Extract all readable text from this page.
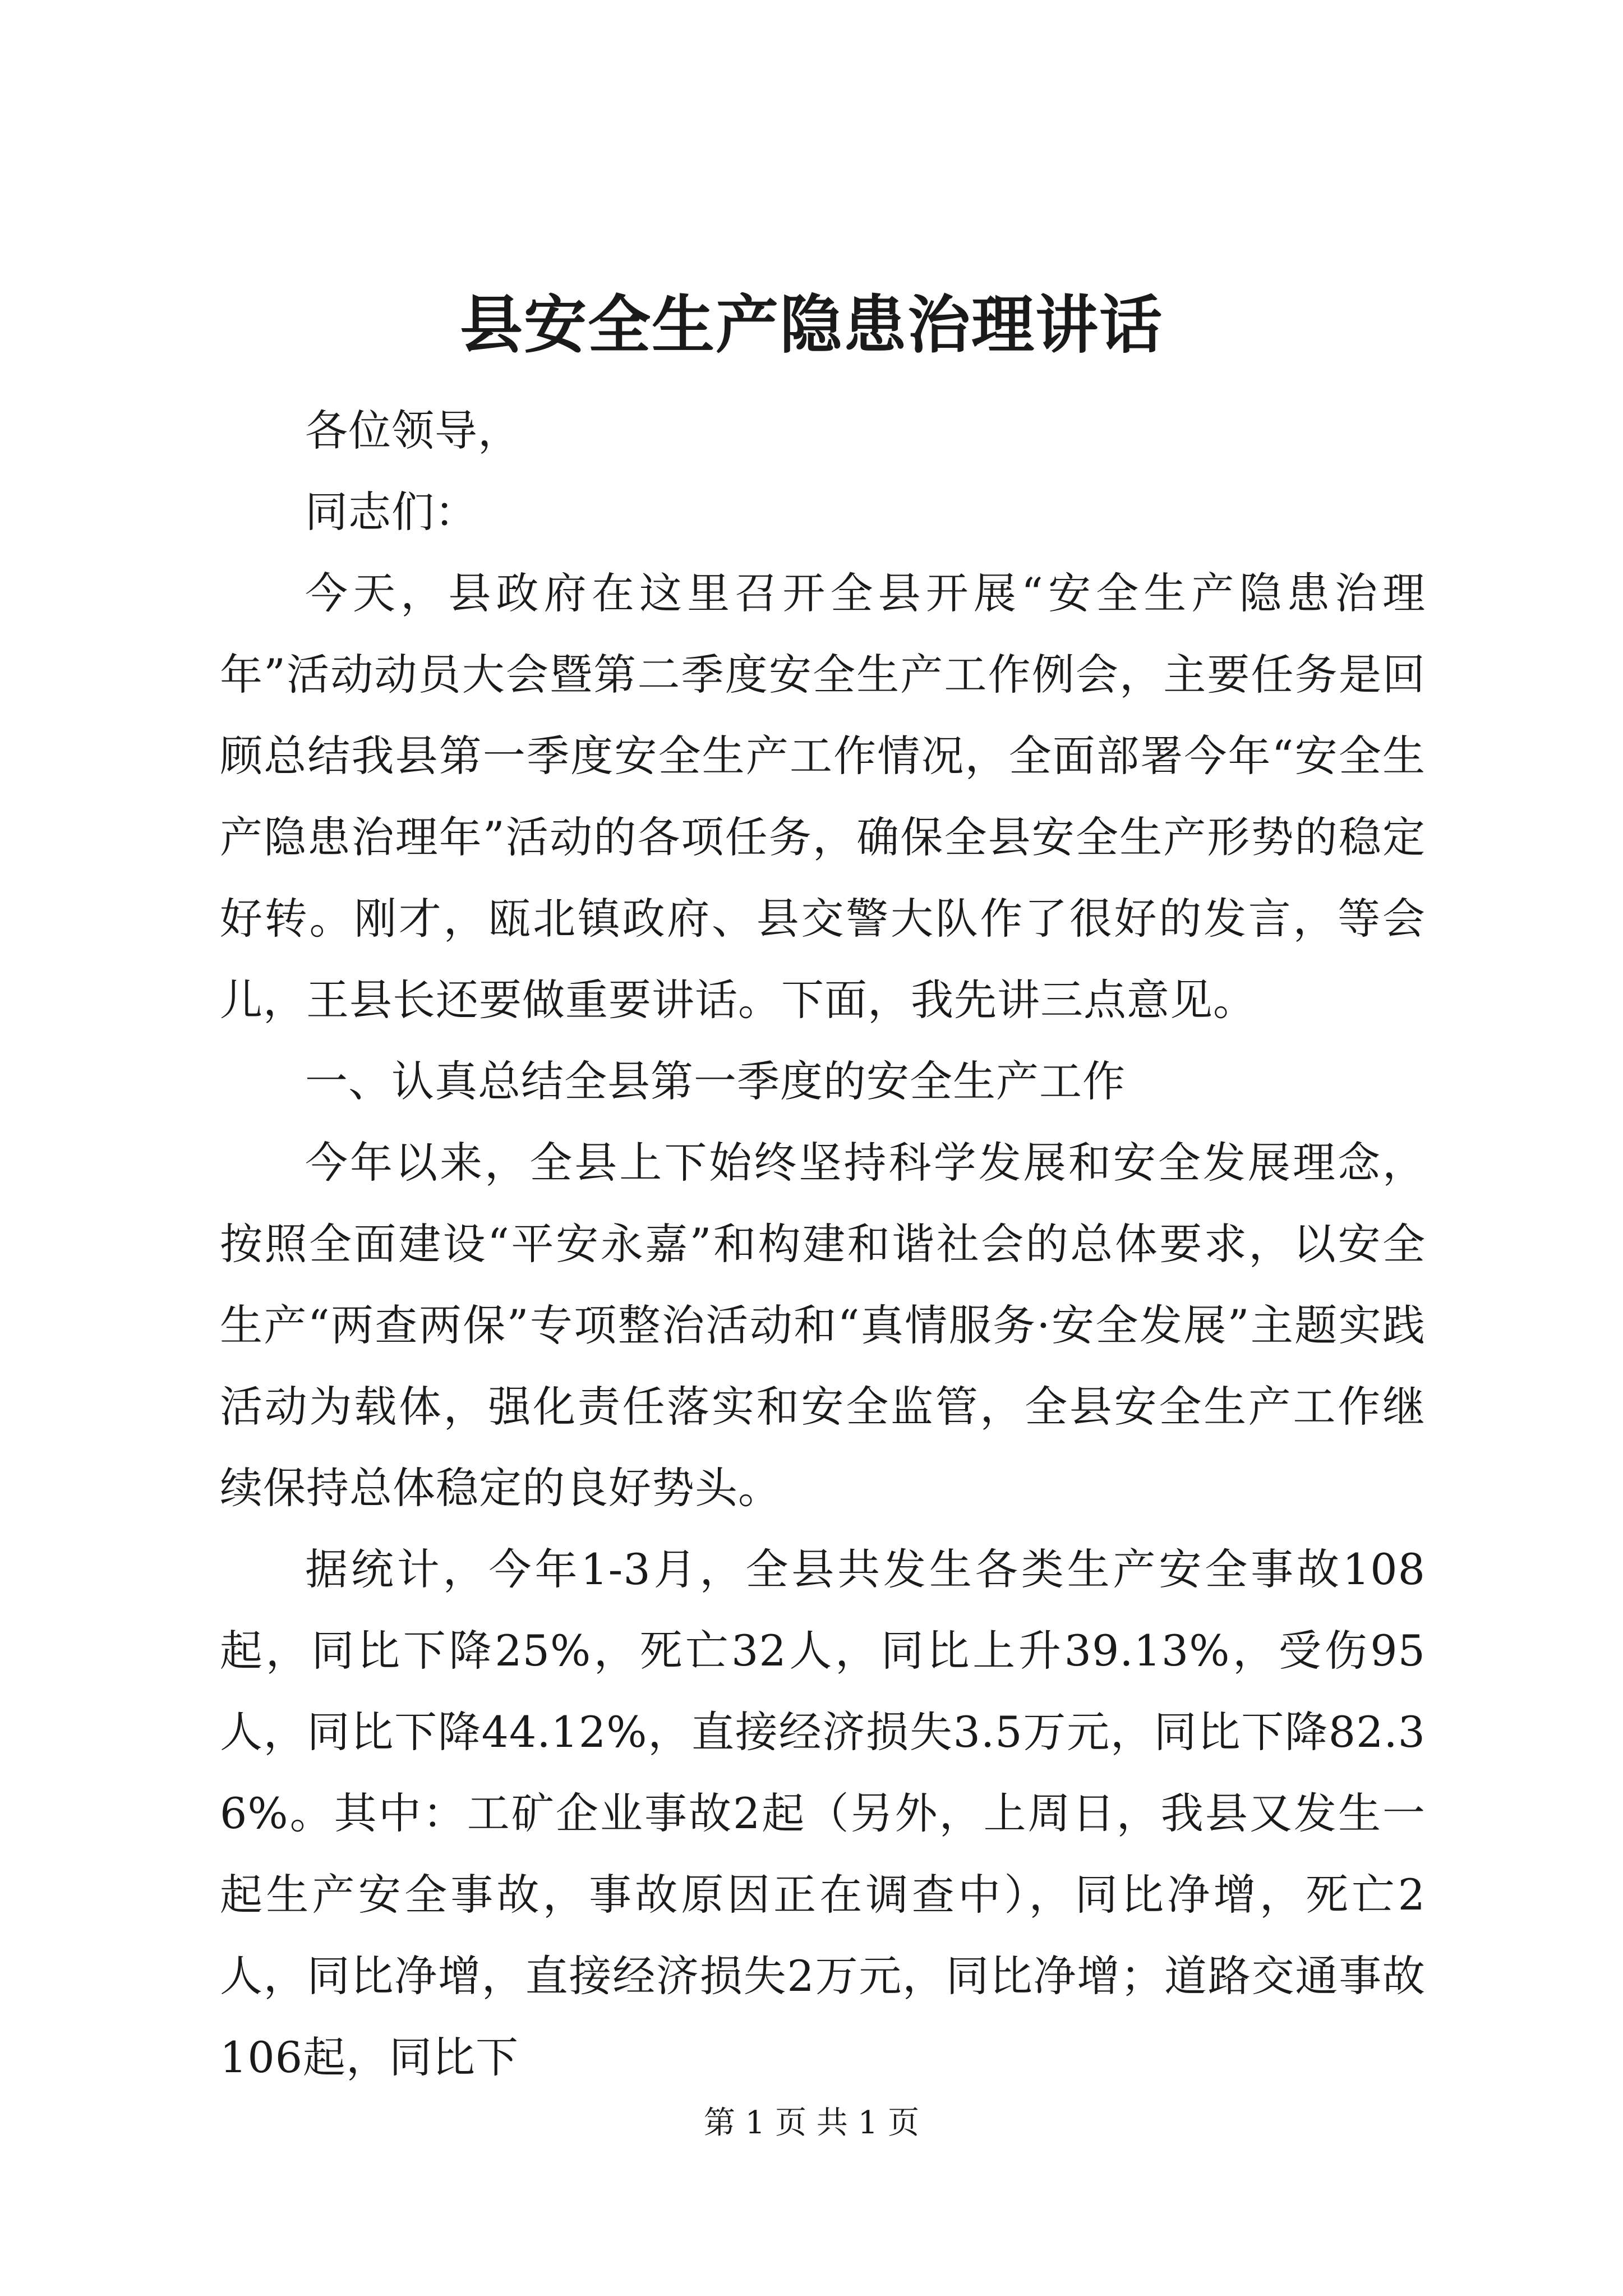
县安全生产隐患治理讲话

各位领导，

同志们：

今天，县政府在这里召开全县开展“安全生产隐患治理年”活动动员大会暨第二季度安全生产工作例会，主要任务是回顾总结我县第一季度安全生产工作情况，全面部署今年“安全生产隐患治理年”活动的各项任务，确保全县安全生产形势的稳定好转。刚才，瓯北镇政府、县交警大队作了很好的发言，等会儿，王县长还要做重要讲话。下面，我先讲三点意见。

一、认真总结全县第一季度的安全生产工作

今年以来，全县上下始终坚持科学发展和安全发展理念，按照全面建设“平安永嘉”和构建和谐社会的总体要求，以安全生产“两查两保”专项整治活动和“真情服务·安全发展”主题实践活动为载体，强化责任落实和安全监管，全县安全生产工作继续保持总体稳定的良好势头。

据统计，今年1-3月，全县共发生各类生产安全事故108起，同比下降25%，死亡32人，同比上升39.13%，受伤95人，同比下降44.12%，直接经济损失3.5万元，同比下降82.36%。其中：工矿企业事故2起（另外，上周日，我县又发生一起生产安全事故，事故原因正在调查中），同比净增，死亡2人，同比净增，直接经济损失2万元，同比净增；道路交通事故106起，同比下

第 1 页 共 1 页
